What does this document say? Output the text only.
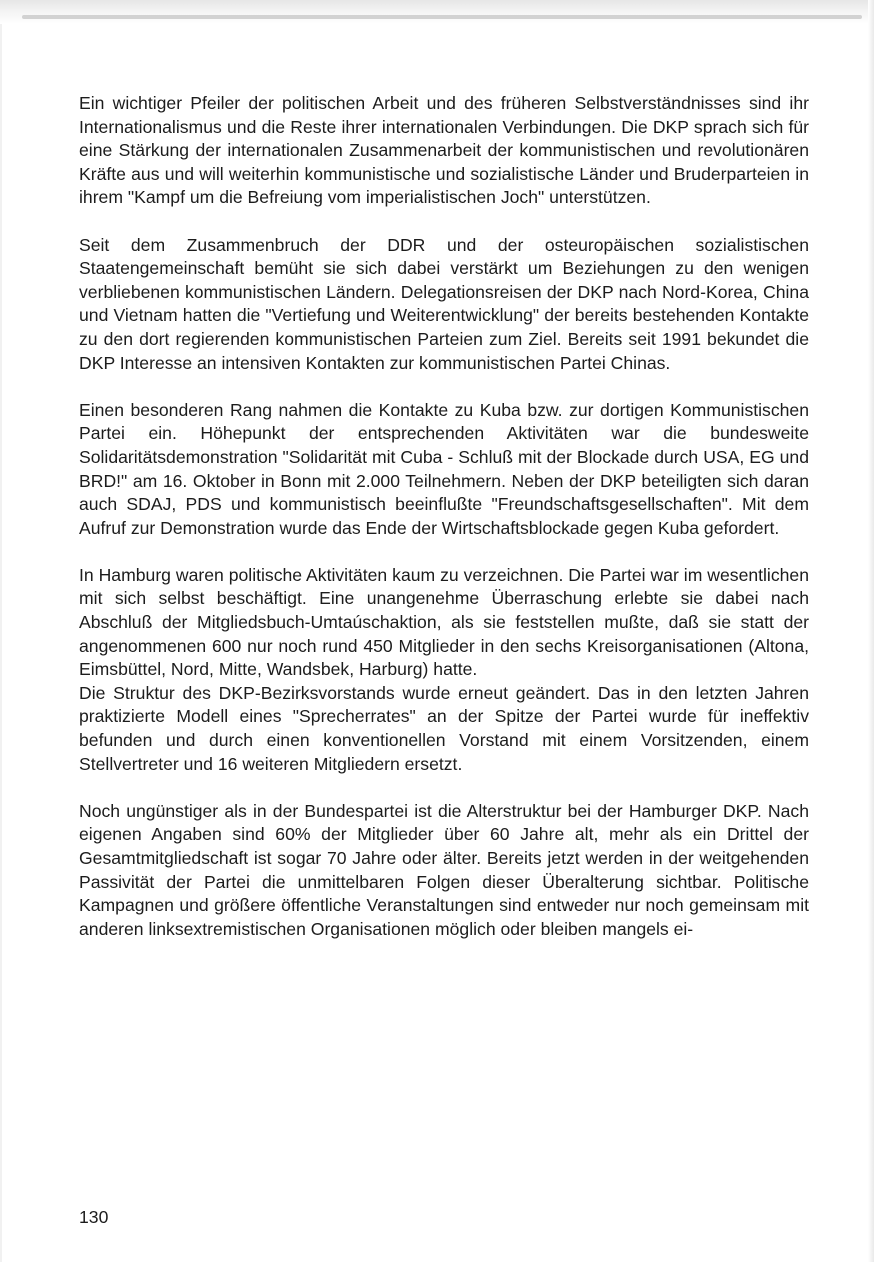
Ein wichtiger Pfeiler der politischen Arbeit und des früheren Selbstverständnisses sind ihr Internationalismus und die Reste ihrer internationalen Verbindungen. Die DKP sprach sich für eine Stärkung der internationalen Zusammenarbeit der kommunistischen und revolutionären Kräfte aus und will weiterhin kommunistische und sozialistische Länder und Bruderparteien in ihrem "Kampf um die Befreiung vom imperialistischen Joch" unterstützen.

Seit dem Zusammenbruch der DDR und der osteuropäischen sozialistischen Staatengemeinschaft bemüht sie sich dabei verstärkt um Beziehungen zu den wenigen verbliebenen kommunistischen Ländern. Delegationsreisen der DKP nach Nord-Korea, China und Vietnam hatten die "Vertiefung und Weiterentwicklung" der bereits bestehenden Kontakte zu den dort regierenden kommunistischen Parteien zum Ziel. Bereits seit 1991 bekundet die DKP Interesse an intensiven Kontakten zur kommunistischen Partei Chinas.

Einen besonderen Rang nahmen die Kontakte zu Kuba bzw. zur dortigen Kommunistischen Partei ein. Höhepunkt der entsprechenden Aktivitäten war die bundesweite Solidaritätsdemonstration "Solidarität mit Cuba - Schluß mit der Blockade durch USA, EG und BRD!" am 16. Oktober in Bonn mit 2.000 Teilnehmern. Neben der DKP beteiligten sich daran auch SDAJ, PDS und kommunistisch beeinflußte "Freundschaftsgesellschaften". Mit dem Aufruf zur Demonstration wurde das Ende der Wirtschaftsblockade gegen Kuba gefordert.

In Hamburg waren politische Aktivitäten kaum zu verzeichnen. Die Partei war im wesentlichen mit sich selbst beschäftigt. Eine unangenehme Überraschung erlebte sie dabei nach Abschluß der Mitgliedsbuch-Umtaúschaktion, als sie feststellen mußte, daß sie statt der angenommenen 600 nur noch rund 450 Mitglieder in den sechs Kreisorganisationen (Altona, Eimsbüttel, Nord, Mitte, Wandsbek, Harburg) hatte.

Die Struktur des DKP-Bezirksvorstands wurde erneut geändert. Das in den letzten Jahren praktizierte Modell eines "Sprecherrates" an der Spitze der Partei wurde für ineffektiv befunden und durch einen konventionellen Vorstand mit einem Vorsitzenden, einem Stellvertreter und 16 weiteren Mitgliedern ersetzt.

Noch ungünstiger als in der Bundespartei ist die Alterstruktur bei der Hamburger DKP. Nach eigenen Angaben sind 60% der Mitglieder über 60 Jahre alt, mehr als ein Drittel der Gesamtmitgliedschaft ist sogar 70 Jahre oder älter. Bereits jetzt werden in der weitgehenden Passivität der Partei die unmittelbaren Folgen dieser Überalterung sichtbar. Politische Kampagnen und größere öffentliche Veranstaltungen sind entweder nur noch gemeinsam mit anderen linksextremistischen Organisationen möglich oder bleiben mangels ei-

130
